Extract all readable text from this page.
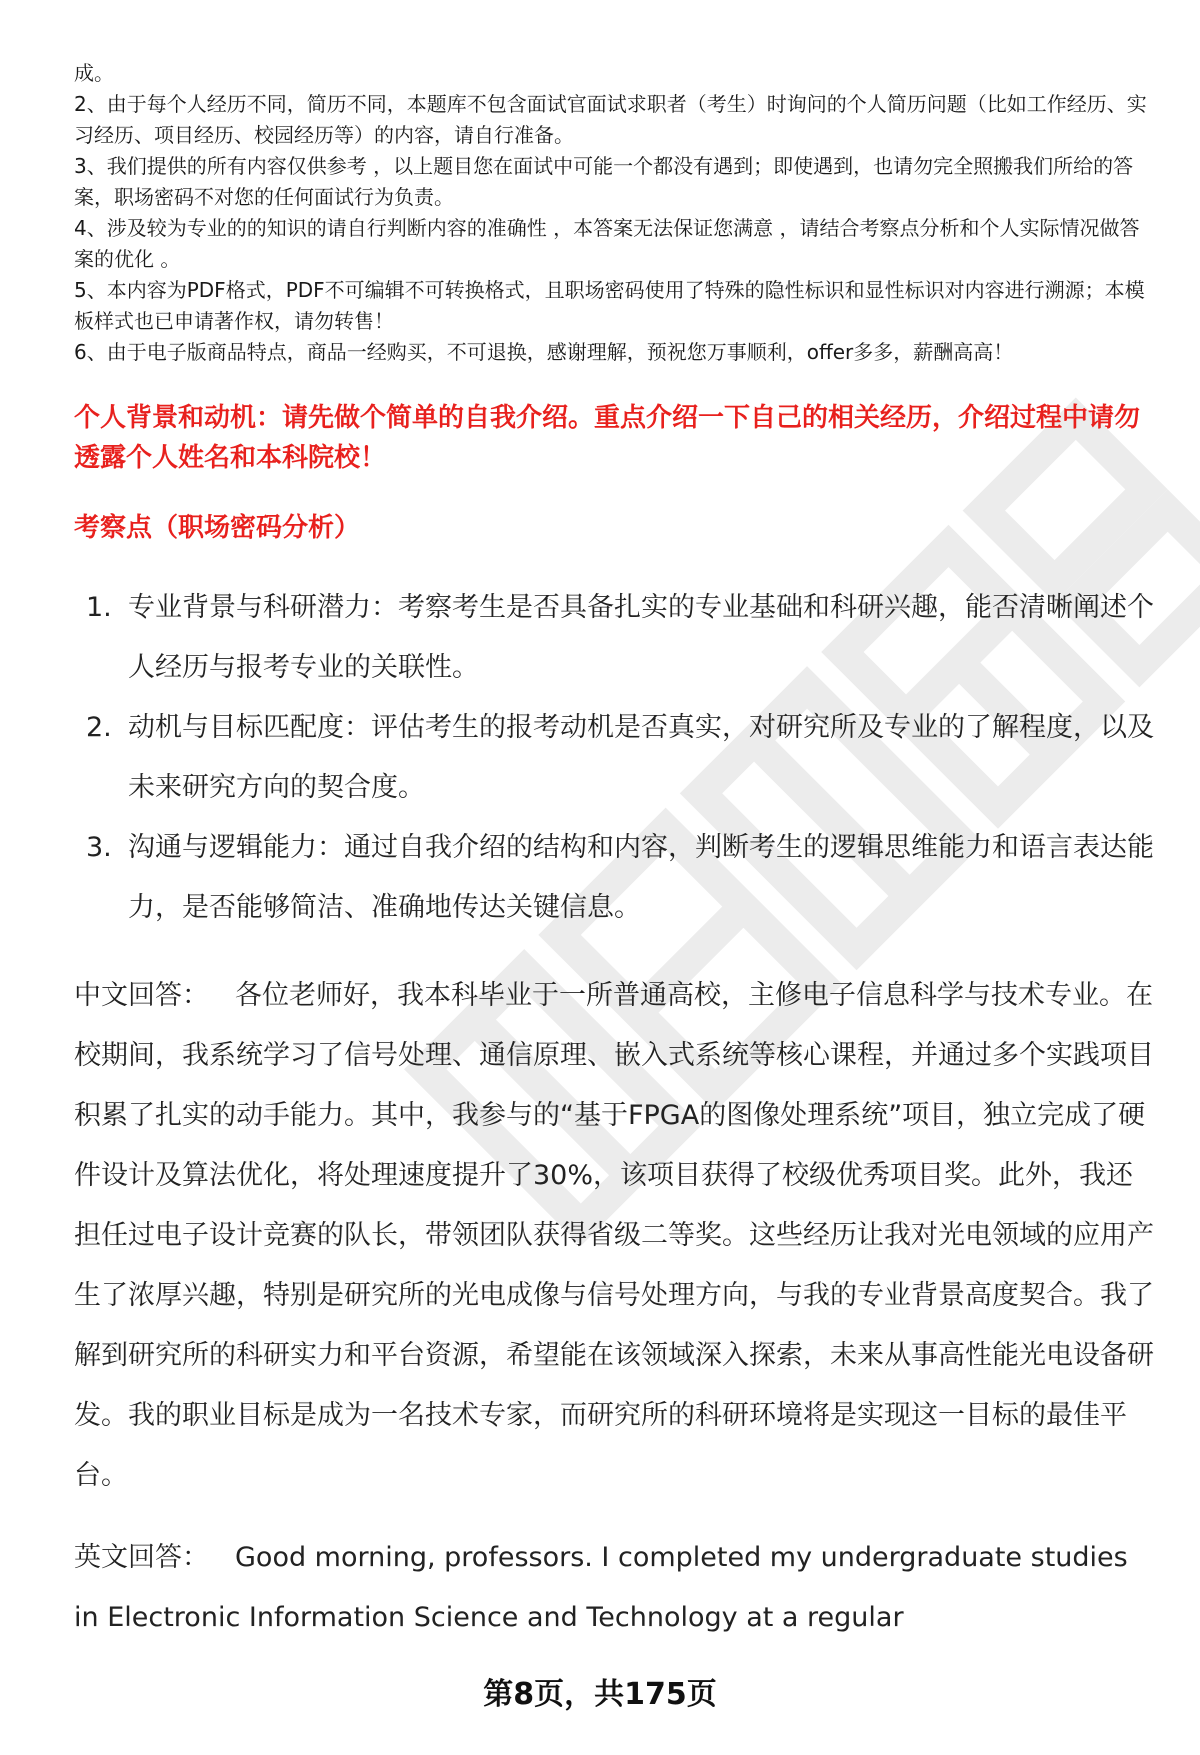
成。

2、由于每个人经历不同，简历不同，本题库不包含面试官面试求职者（考生）时询问的个人简历问题（比如工作经历、实习经历、项目经历、校园经历等）的内容，请自行准备。

3、我们提供的所有内容仅供参考 ，以上题目您在面试中可能一个都没有遇到；即使遇到，也请勿完全照搬我们所给的答案，职场密码不对您的任何面试行为负责。

4、涉及较为专业的的知识的请自行判断内容的准确性 ，本答案无法保证您满意 ，请结合考察点分析和个人实际情况做答案的优化 。

5、本内容为PDF格式，PDF不可编辑不可转换格式，且职场密码使用了特殊的隐性标识和显性标识对内容进行溯源；本模板样式也已申请著作权，请勿转售！

6、由于电子版商品特点，商品一经购买，不可退换，感谢理解，预祝您万事顺利，offer多多，薪酬高高！

个人背景和动机：请先做个简单的自我介绍。重点介绍一下自己的相关经历，介绍过程中请勿透露个人姓名和本科院校！
考察点（职场密码分析）
1. 专业背景与科研潜力：考察考生是否具备扎实的专业基础和科研兴趣，能否清晰阐述个人经历与报考专业的关联性。
2. 动机与目标匹配度：评估考生的报考动机是否真实，对研究所及专业的了解程度，以及未来研究方向的契合度。
3. 沟通与逻辑能力：通过自我介绍的结构和内容，判断考生的逻辑思维能力和语言表达能力，是否能够简洁、准确地传达关键信息。
中文回答： 各位老师好，我本科毕业于一所普通高校，主修电子信息科学与技术专业。在校期间，我系统学习了信号处理、通信原理、嵌入式系统等核心课程，并通过多个实践项目积累了扎实的动手能力。其中，我参与的“基于FPGA的图像处理系统”项目，独立完成了硬件设计及算法优化，将处理速度提升了30%，该项目获得了校级优秀项目奖。此外，我还担任过电子设计竞赛的队长，带领团队获得省级二等奖。这些经历让我对光电领域的应用产生了浓厚兴趣，特别是研究所的光电成像与信号处理方向，与我的专业背景高度契合。我了解到研究所的科研实力和平台资源，希望能在该领域深入探索，未来从事高性能光电设备研发。我的职业目标是成为一名技术专家，而研究所的科研环境将是实现这一目标的最佳平台。
英文回答： Good morning, professors. I completed my undergraduate studies in Electronic Information Science and Technology at a regular
第8页，共175页
